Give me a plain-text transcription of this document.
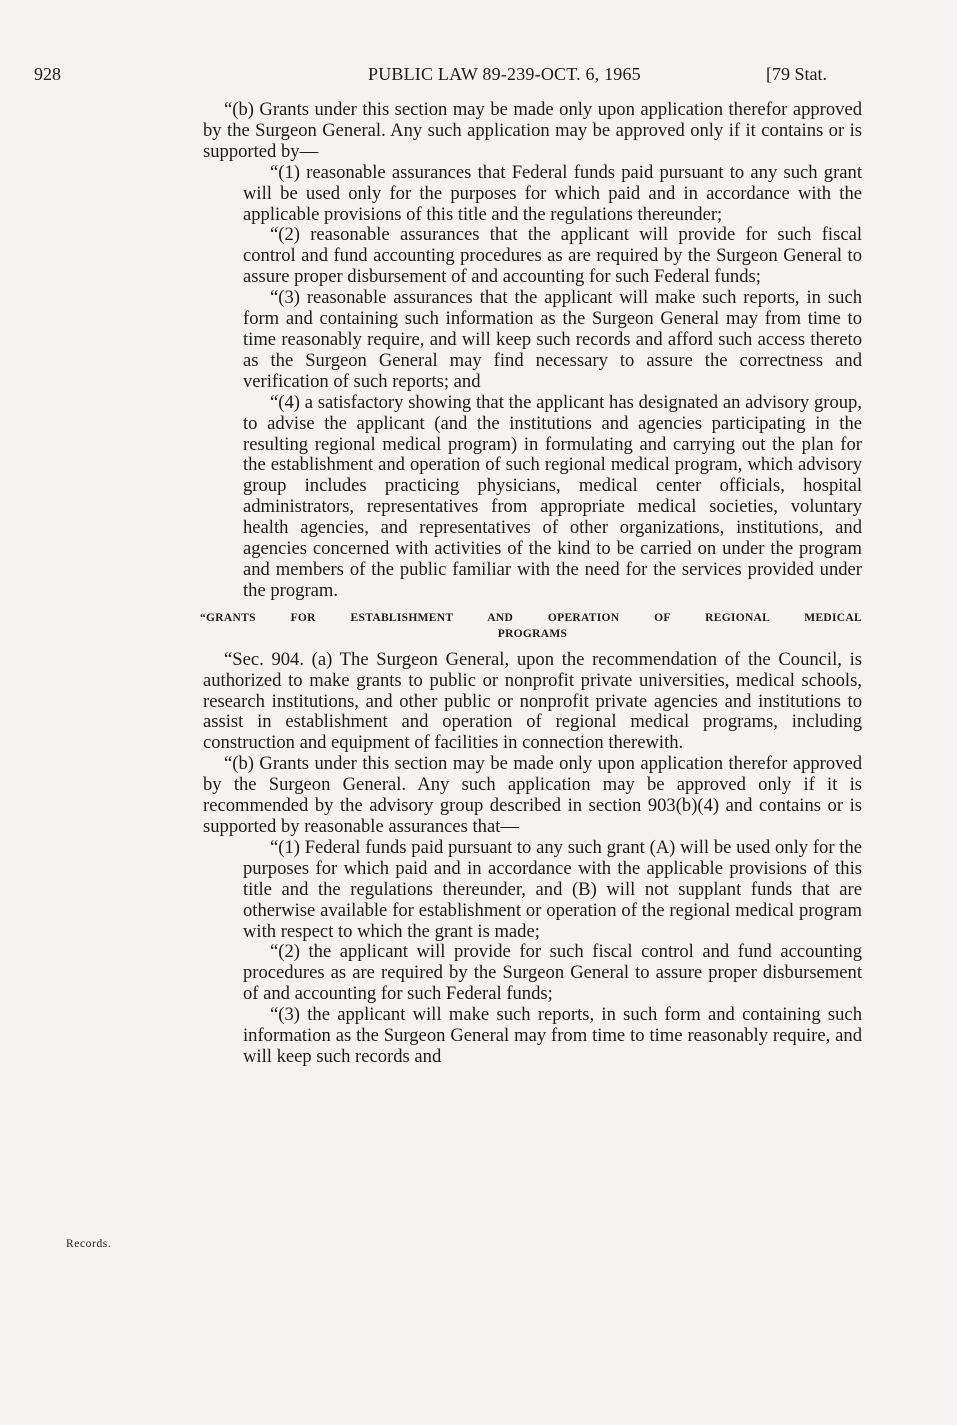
928	PUBLIC LAW 89-239-OCT. 6, 1965	[79 Stat.

“(b) Grants under this section may be made only upon application therefor approved by the Surgeon General. Any such application may be approved only if it contains or is supported by—

“(1) reasonable assurances that Federal funds paid pursuant to any such grant will be used only for the purposes for which paid and in accordance with the applicable provisions of this title and the regulations thereunder;

“(2) reasonable assurances that the applicant will provide for such fiscal control and fund accounting procedures as are required by the Surgeon General to assure proper disbursement of and accounting for such Federal funds;

“(3) reasonable assurances that the applicant will make such reports, in such form and containing such information as the Surgeon General may from time to time reasonably require, and will keep such records and afford such access thereto as the Surgeon General may find necessary to assure the correctness and verification of such reports; and

“(4) a satisfactory showing that the applicant has designated an advisory group, to advise the applicant (and the institutions and agencies participating in the resulting regional medical program) in formulating and carrying out the plan for the establishment and operation of such regional medical program, which advisory group includes practicing physicians, medical center officials, hospital administrators, representatives from appropriate medical societies, voluntary health agencies, and representatives of other organizations, institutions, and agencies concerned with activities of the kind to be carried on under the program and members of the public familiar with the need for the services provided under the program.

“GRANTS FOR ESTABLISHMENT AND OPERATION OF REGIONAL MEDICAL
PROGRAMS

“Sec. 904. (a) The Surgeon General, upon the recommendation of the Council, is authorized to make grants to public or nonprofit private universities, medical schools, research institutions, and other public or nonprofit private agencies and institutions to assist in establishment and operation of regional medical programs, including construction and equipment of facilities in connection therewith.

“(b) Grants under this section may be made only upon application therefor approved by the Surgeon General. Any such application may be approved only if it is recommended by the advisory group described in section 903(b)(4) and contains or is supported by reasonable assurances that—

“(1) Federal funds paid pursuant to any such grant (A) will be used only for the purposes for which paid and in accordance with the applicable provisions of this title and the regulations thereunder, and (B) will not supplant funds that are otherwise available for establishment or operation of the regional medical program with respect to which the grant is made;

“(2) the applicant will provide for such fiscal control and fund accounting procedures as are required by the Surgeon General to assure proper disbursement of and accounting for such Federal funds;

“(3) the applicant will make such reports, in such form and containing such information as the Surgeon General may from time to time reasonably require, and will keep such records and

Records.
